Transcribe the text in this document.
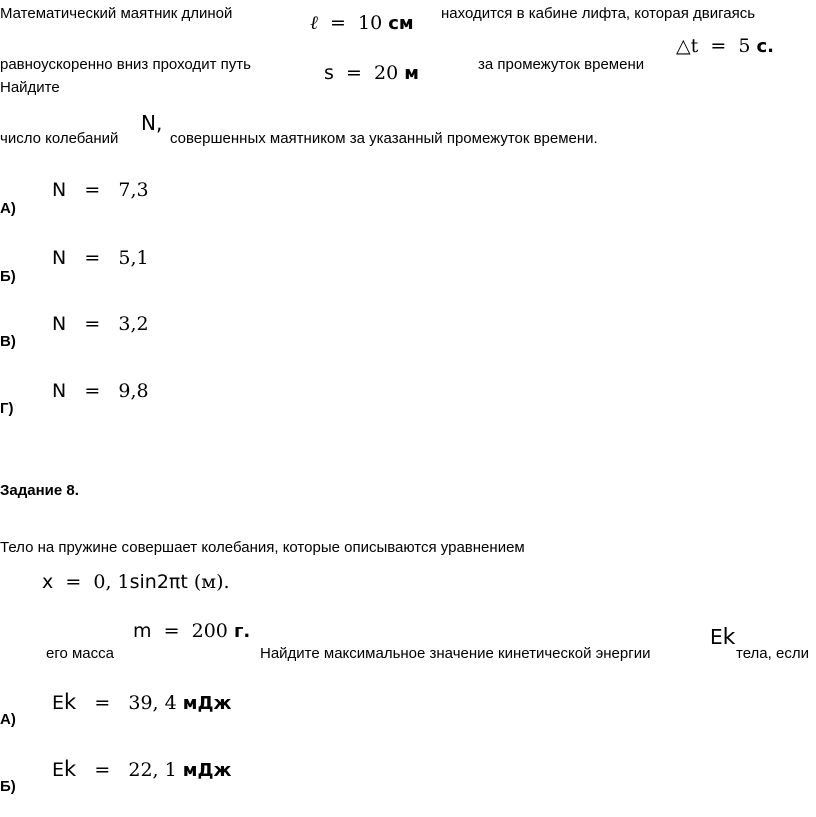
Математический маятник длиной	ℓ = 10 см находится в кабине лифта, которая двигаясь
△t = 5 с.
равноускоренно вниз проходит путь	s = 20 м	за промежуток времени
Найдите
N,
число колебаний	совершенных маятником за указанный промежуток времени.
А)
N = 7,3
Б)
N = 5,1
В)
N = 3,2
Г)
N = 9,8
Задание 8.
Тело на пружине совершает колебания, которые описываются уравнением
x = 0, 1sin2πt (м).
m = 200 г.
его масса	Найдите максимальное значение кинетической энергии
Ek
тела, если
А)
Ek = 39, 4 мДж
Б)
Ek = 22, 1 мДж
